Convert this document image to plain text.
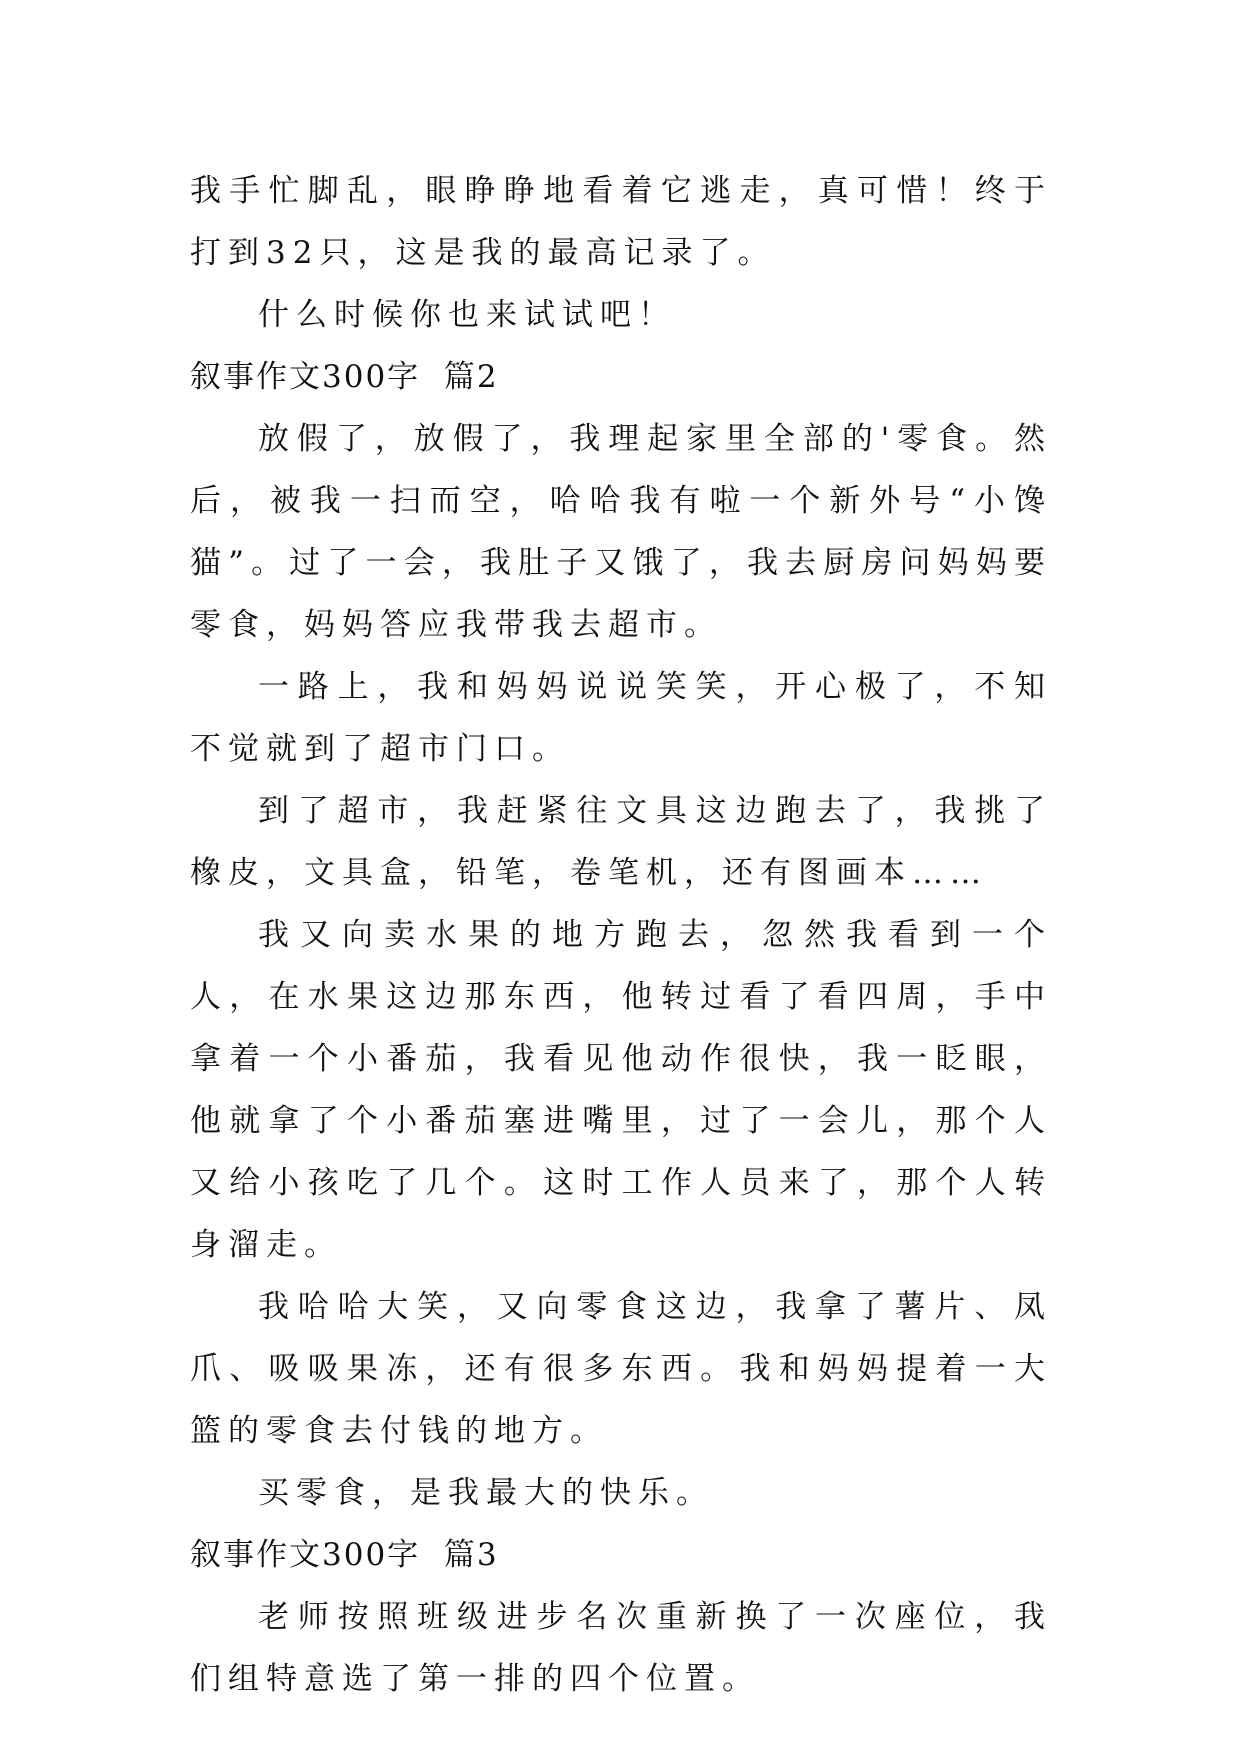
我手忙脚乱，眼睁睁地看着它逃走，真可惜！终于打到32只，这是我的最高记录了。

什么时候你也来试试吧！

叙事作文300字  篇2

放假了，放假了，我理起家里全部的'零食。然后，被我一扫而空，哈哈我有啦一个新外号“小馋猫”。过了一会，我肚子又饿了，我去厨房问妈妈要零食，妈妈答应我带我去超市。

一路上，我和妈妈说说笑笑，开心极了，不知不觉就到了超市门口。

到了超市，我赶紧往文具这边跑去了，我挑了橡皮，文具盒，铅笔，卷笔机，还有图画本……

我又向卖水果的地方跑去，忽然我看到一个人，在水果这边那东西，他转过看了看四周，手中拿着一个小番茄，我看见他动作很快，我一眨眼，他就拿了个小番茄塞进嘴里，过了一会儿，那个人又给小孩吃了几个。这时工作人员来了，那个人转身溜走。

我哈哈大笑，又向零食这边，我拿了薯片、凤爪、吸吸果冻，还有很多东西。我和妈妈提着一大篮的零食去付钱的地方。

买零食，是我最大的快乐。

叙事作文300字  篇3

老师按照班级进步名次重新换了一次座位，我们组特意选了第一排的四个位置。
